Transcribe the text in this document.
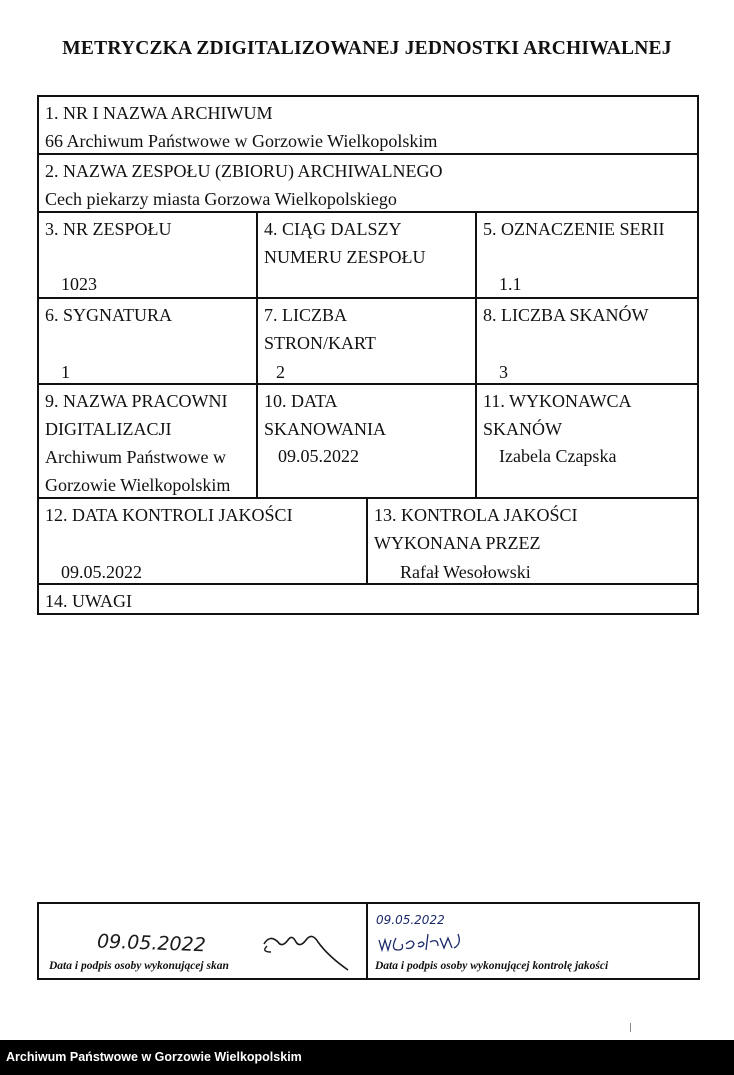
METRYCZKA ZDIGITALIZOWANEJ JEDNOSTKI ARCHIWALNEJ
1. NR I NAZWA ARCHIWUM
66 Archiwum Państwowe w Gorzowie Wielkopolskim
2. NAZWA ZESPOŁU (ZBIORU) ARCHIWALNEGO
Cech piekarzy miasta Gorzowa Wielkopolskiego
3. NR ZESPOŁU
1023
4. CIĄG DALSZY NUMERU ZESPOŁU
5. OZNACZENIE SERII
1.1
6. SYGNATURA
1
7. LICZBA STRON/KART
2
8. LICZBA SKANÓW
3
9. NAZWA PRACOWNI DIGITALIZACJI
Archiwum Państwowe w Gorzowie Wielkopolskim
10. DATA SKANOWANIA
09.05.2022
11. WYKONAWCA SKANÓW
Izabela Czapska
12. DATA KONTROLI JAKOŚCI
09.05.2022
13. KONTROLA JAKOŚCI WYKONANA PRZEZ
Rafał Wesołowski
14. UWAGI
09.05.2022
Data i podpis osoby wykonującej skan
09.05.2022
Data i podpis osoby wykonującej kontrolę jakości
Archiwum Państwowe w Gorzowie Wielkopolskim
